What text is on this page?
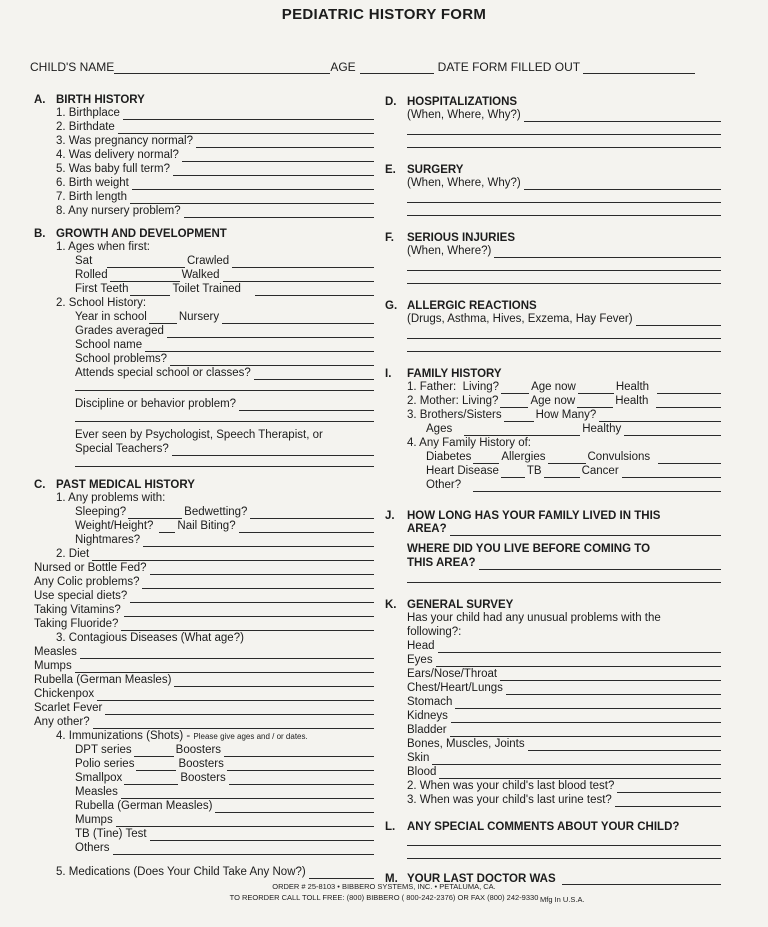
PEDIATRIC HISTORY FORM
CHILD'S NAME	AGE	DATE FORM FILLED OUT
A. BIRTH HISTORY
1. Birthplace
2. Birthdate
3. Was pregnancy normal?
4. Was delivery normal?
5. Was baby full term?
6. Birth weight
7. Birth length
8. Any nursery problem?
B. GROWTH AND DEVELOPMENT
1. Ages when first:
Sat	Crawled
Rolled	Walked
First Teeth	Toilet Trained
2. School History:
Year in school	Nursery
Grades averaged
School name
School problems?
Attends special school or classes?
Discipline or behavior problem?
Ever seen by Psychologist, Speech Therapist, or
Special Teachers?
C. PAST MEDICAL HISTORY
1. Any problems with:
Sleeping?	Bedwetting?
Weight/Height? Nail Biting?
Nightmares?
2. Diet
Nursed or Bottle Fed?
Any Colic problems?
Use special diets?
Taking Vitamins?
Taking Fluoride?
3. Contagious Diseases (What age?)
Measles
Mumps
Rubella (German Measles)
Chickenpox
Scarlet Fever
Any other?
4. Immunizations (Shots) -
Please give ages and / or dates.
DPT series	Boosters
Polio series	Boosters
Smallpox	Boosters
Measles
Rubella (German Measles)
Mumps
TB (Tine) Test
Others
5. Medications (Does Your Child Take Any Now?)
D. HOSPITALIZATIONS
(When, Where, Why?)
E. SURGERY
(When, Where, Why?)
F.	SERIOUS INJURIES
(When, Where?)
G. ALLERGIC REACTIONS
(Drugs, Asthma, Hives, Exzema, Hay Fever)
I.	FAMILY HISTORY
1. Father:
Living?	Age now	Health
2. Mother:
Living?	Age now	Health
3. Brothers/Sisters	How Many?
Ages	Healthy
4. Any Family History of:
Diabetes	Allergies	Convulsions
Heart Disease TB	Cancer
Other?
J.	HOW LONG HAS YOUR FAMILY LIVED IN THIS
AREA?
WHERE DID YOU LIVE BEFORE COMING TO
THIS AREA?
K. GENERAL SURVEY
Has your child had any unusual problems with the
following?:
Head
Eyes
Ears/Nose/Throat
Chest/Heart/Lungs
Stomach
Kidneys
Bladder
Bones, Muscles, Joints
Skin
Blood
2. When was your child's last blood test?
3. When was your child's last urine test?
L.	ANY SPECIAL COMMENTS ABOUT YOUR CHILD?
M. YOUR LAST DOCTOR WAS
ORDER # 25-8103 • BIBBERO SYSTEMS, INC. • PETALUMA, CA.
TO REORDER CALL TOLL FREE: (800) BIBBERO ( 800-242-2376) OR FAX (800) 242-9330 Mfg In U.S.A.
